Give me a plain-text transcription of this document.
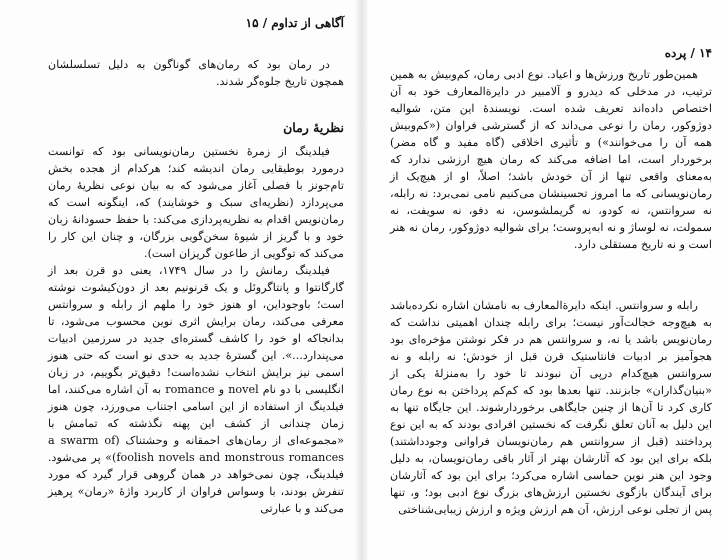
آگاهی از تداوم / ۱۵

در رمان بود که رمان‌های گوناگون به دلیل تسلسلشان همچون تاریخ جلوه‌گر شدند.

نظریهٔ رمان

فیلدینگ از زمرهٔ نخستین رمان‌نویسانی بود که توانست درمورد بوطیقایی رمان اندیشه کند؛ هرکدام از هجده بخش تام‌جونز با فصلی آغاز می‌شود که به بیان نوعی نظریهٔ رمان می‌پردازد (نظریه‌ای سبک و خوشایند) که، اینگونه است که رمان‌نویس اقدام به نظریه‌پردازی می‌کند: با حفظ حسودانهٔ زبان خود و با گریز از شیوهٔ سخن‌گویی بزرگان، و چنان این کار را می‌کند که توگویی از طاعون گریزان است).

فیلدینگ رمانش را در سال ۱۷۴۹، یعنی دو قرن بعد از گارگانتوا و پانتاگروئل و یک قرنونیم بعد از دون‌کیشوت نوشته است؛ باوجوداین، او هنوز خود را ملهم از رابله و سروانتس معرفی می‌کند، رمان برایش اثری نوین محسوب می‌شود، تا بدانجاکه او خود را کاشف گستره‌ای جدید در سرزمین ادبیات می‌پندارد...». این گسترهٔ جدید به حدی نو است که حتی هنوز اسمی نیز برایش انتخاب نشده‌است! دقیق‌تر بگوییم، در زبان انگلیسی با دو نام novel و romance به آن اشاره می‌کنند، اما فیلدینگ از استفاده از این اسامی اجتناب می‌ورزد، چون هنوز زمان چندانی از کشف این پهنه نگذشته که تمامش با «مجموعه‌ای از رمان‌های احمقانه و وحشتناک (a swarm of foolish novels and monstrous romances)» پر می‌شود. فیلدینگ، چون نمی‌خواهد در همان گروهی قرار گیرد که مورد تنفرش بودند، با وسواس فراوان از کاربرد واژهٔ «رمان» پرهیز می‌کند و با عبارتی

۱۴ / پرده

همین‌طور تاریخ ورزش‌ها و اعیاد. نوع ادبی رمان، کم‌وبیش به همین ترتیب، در مدخلی که دیدرو و آلامبیر در دایرةالمعارف خود به آن اختصاص داده‌اند تعریف شده است. نویسندهٔ این متن، شوالیه دوژوکور، رمان را نوعی می‌داند که از گسترشی فراوان («کم‌وبیش همه آن را می‌خوانند») و تأثیری اخلاقی (گاه مفید و گاه مضر) برخوردار است، اما اضافه می‌کند که رمان هیچ ارزشی ندارد که به‌معنای واقعی تنها از آن خودش باشد؛ اصلاً، او از هیچ‌یک از رمان‌نویسانی که ما امروز تحسینشان می‌کنیم نامی نمی‌برد: نه رابله، نه سروانتس، نه کودو، نه گریملشوسن، نه دفو، نه سویفت، نه سمولت، نه لوساژ و نه ابه‌پروست؛ برای شوالیه دوژوکور، رمان نه هنر است و نه تاریخ مستقلی دارد.

رابله و سروانتس. اینکه دایرةالمعارف به نامشان اشاره نکرده‌باشد به هیچ‌وجه خجالت‌آور نیست؛ برای رابله چندان اهمیتی نداشت که رمان‌نویس باشد یا نه، و سروانتس هم در فکر نوشتن مؤخره‌ای بود هجوآمیز بر ادبیات فانتاستیک قرن قبل از خودش؛ نه رابله و نه سروانتس هیچ‌کدام درپی آن نبودند تا خود را به‌منزلهٔ یکی از «بنیان‌گذاران» جابزنند. تنها بعدها بود که کم‌کم پرداختن به نوع رمان کاری کرد تا آن‌ها از چنین جایگاهی برخوردارشوند. این جایگاه تنها به این دلیل به آنان تعلق نگرفت که نخستین افرادی بودند که به این نوع پرداختند (قبل از سروانتس هم رمان‌نویسان فراوانی وجودداشتند) بلکه برای این بود که آثارشان بهتر از آثار باقی رمان‌نویسان، به دلیل وجود این هنر نوین حماسی اشاره می‌کرد؛ برای این بود که آثارشان برای آیندگان بازگوی نخستین ارزش‌های بزرگ نوع ادبی بود؛ و، تنها پس از تجلی نوعی ارزش، آن هم ارزش ویژه و ارزش زیبایی‌شناختی
